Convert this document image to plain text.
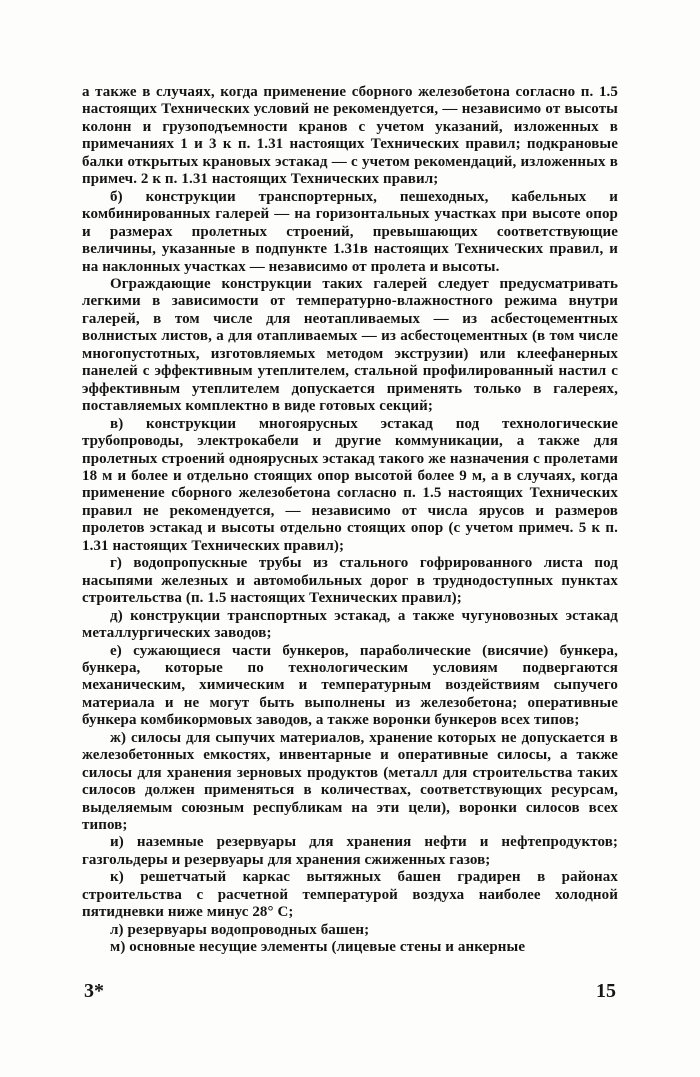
а также в случаях, когда применение сборного железобетона согласно п. 1.5 настоящих Технических условий не рекомендуется, — независимо от высоты колонн и грузоподъемности кранов с учетом указаний, изложенных в примечаниях 1 и 3 к п. 1.31 настоящих Технических правил; подкрановые балки открытых крановых эстакад — с учетом рекомендаций, изложенных в примеч. 2 к п. 1.31 настоящих Технических правил;

б) конструкции транспортерных, пешеходных, кабельных и комбинированных галерей — на горизонтальных участках при высоте опор и размерах пролетных строений, превышающих соответствующие величины, указанные в подпункте 1.31в настоящих Технических правил, и на наклонных участках — независимо от пролета и высоты.

Ограждающие конструкции таких галерей следует предусматривать легкими в зависимости от температурно-влажностного режима внутри галерей, в том числе для неотапливаемых — из асбестоцементных волнистых листов, а для отапливаемых — из асбестоцементных (в том числе многопустотных, изготовляемых методом экструзии) или клеефанерных панелей с эффективным утеплителем, стальной профилированный настил с эффективным утеплителем допускается применять только в галереях, поставляемых комплектно в виде готовых секций;

в) конструкции многоярусных эстакад под технологические трубопроводы, электрокабели и другие коммуникации, а также для пролетных строений одноярусных эстакад такого же назначения с пролетами 18 м и более и отдельно стоящих опор высотой более 9 м, а в случаях, когда применение сборного железобетона согласно п. 1.5 настоящих Технических правил не рекомендуется, — независимо от числа ярусов и размеров пролетов эстакад и высоты отдельно стоящих опор (с учетом примеч. 5 к п. 1.31 настоящих Технических правил);

г) водопропускные трубы из стального гофрированного листа под насыпями железных и автомобильных дорог в труднодоступных пунктах строительства (п. 1.5 настоящих Технических правил);

д) конструкции транспортных эстакад, а также чугуновозных эстакад металлургических заводов;

е) сужающиеся части бункеров, параболические (висячие) бункера, бункера, которые по технологическим условиям подвергаются механическим, химическим и температурным воздействиям сыпучего материала и не могут быть выполнены из железобетона; оперативные бункера комбикормовых заводов, а также воронки бункеров всех типов;

ж) силосы для сыпучих материалов, хранение которых не допускается в железобетонных емкостях, инвентарные и оперативные силосы, а также силосы для хранения зерновых продуктов (металл для строительства таких силосов должен применяться в количествах, соответствующих ресурсам, выделяемым союзным республикам на эти цели), воронки силосов всех типов;

и) наземные резервуары для хранения нефти и нефтепродуктов; газгольдеры и резервуары для хранения сжиженных газов;

к) решетчатый каркас вытяжных башен градирен в районах строительства с расчетной температурой воздуха наиболее холодной пятидневки ниже минус 28° С;

л) резервуары водопроводных башен;

м) основные несущие элементы (лицевые стены и анкерные

3*	15
